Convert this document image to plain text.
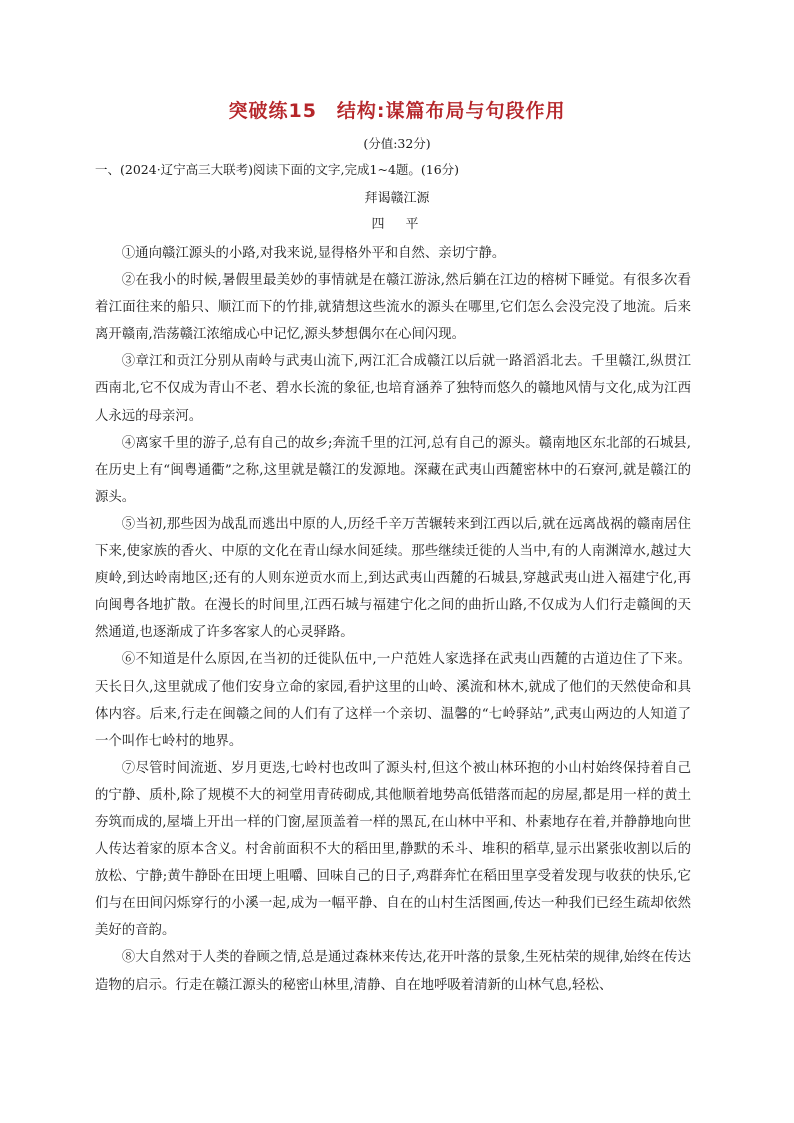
突破练15　结构:谋篇布局与句段作用
(分值:32分)
一、(2024·辽宁高三大联考)阅读下面的文字,完成1~4题。(16分)
拜谒赣江源
四　平

①通向赣江源头的小路,对我来说,显得格外平和自然、亲切宁静。

②在我小的时候,暑假里最美妙的事情就是在赣江游泳,然后躺在江边的榕树下睡觉。有很多次看着江面往来的船只、顺江而下的竹排,就猜想这些流水的源头在哪里,它们怎么会没完没了地流。后来离开赣南,浩荡赣江浓缩成心中记忆,源头梦想偶尔在心间闪现。

③章江和贡江分别从南岭与武夷山流下,两江汇合成赣江以后就一路滔滔北去。千里赣江,纵贯江西南北,它不仅成为青山不老、碧水长流的象征,也培育涵养了独特而悠久的赣地风情与文化,成为江西人永远的母亲河。

④离家千里的游子,总有自己的故乡;奔流千里的江河,总有自己的源头。赣南地区东北部的石城县,在历史上有“闽粤通衢”之称,这里就是赣江的发源地。深藏在武夷山西麓密林中的石寮河,就是赣江的源头。

⑤当初,那些因为战乱而逃出中原的人,历经千辛万苦辗转来到江西以后,就在远离战祸的赣南居住下来,使家族的香火、中原的文化在青山绿水间延续。那些继续迁徙的人当中,有的人南渊漳水,越过大庾岭,到达岭南地区;还有的人则东逆贡水而上,到达武夷山西麓的石城县,穿越武夷山进入福建宁化,再向闽粤各地扩散。在漫长的时间里,江西石城与福建宁化之间的曲折山路,不仅成为人们行走赣闽的天然通道,也逐渐成了许多客家人的心灵驿路。

⑥不知道是什么原因,在当初的迁徙队伍中,一户范姓人家选择在武夷山西麓的古道边住了下来。天长日久,这里就成了他们安身立命的家园,看护这里的山岭、溪流和林木,就成了他们的天然使命和具体内容。后来,行走在闽赣之间的人们有了这样一个亲切、温馨的“七岭驿站”,武夷山两边的人知道了一个叫作七岭村的地界。

⑦尽管时间流逝、岁月更迭,七岭村也改叫了源头村,但这个被山林环抱的小山村始终保持着自己的宁静、质朴,除了规模不大的祠堂用青砖砌成,其他顺着地势高低错落而起的房屋,都是用一样的黄土夯筑而成的,屋墙上开出一样的门窗,屋顶盖着一样的黑瓦,在山林中平和、朴素地存在着,并静静地向世人传达着家的原本含义。村舍前面积不大的稻田里,静默的禾斗、堆积的稻草,显示出紧张收割以后的放松、宁静;黄牛静卧在田埂上咀嚼、回味自己的日子,鸡群奔忙在稻田里享受着发现与收获的快乐,它们与在田间闪烁穿行的小溪一起,成为一幅平静、自在的山村生活图画,传达一种我们已经生疏却依然美好的音韵。

⑧大自然对于人类的眷顾之情,总是通过森林来传达,花开叶落的景象,生死枯荣的规律,始终在传达造物的启示。行走在赣江源头的秘密山林里,清静、自在地呼吸着清新的山林气息,轻松、
